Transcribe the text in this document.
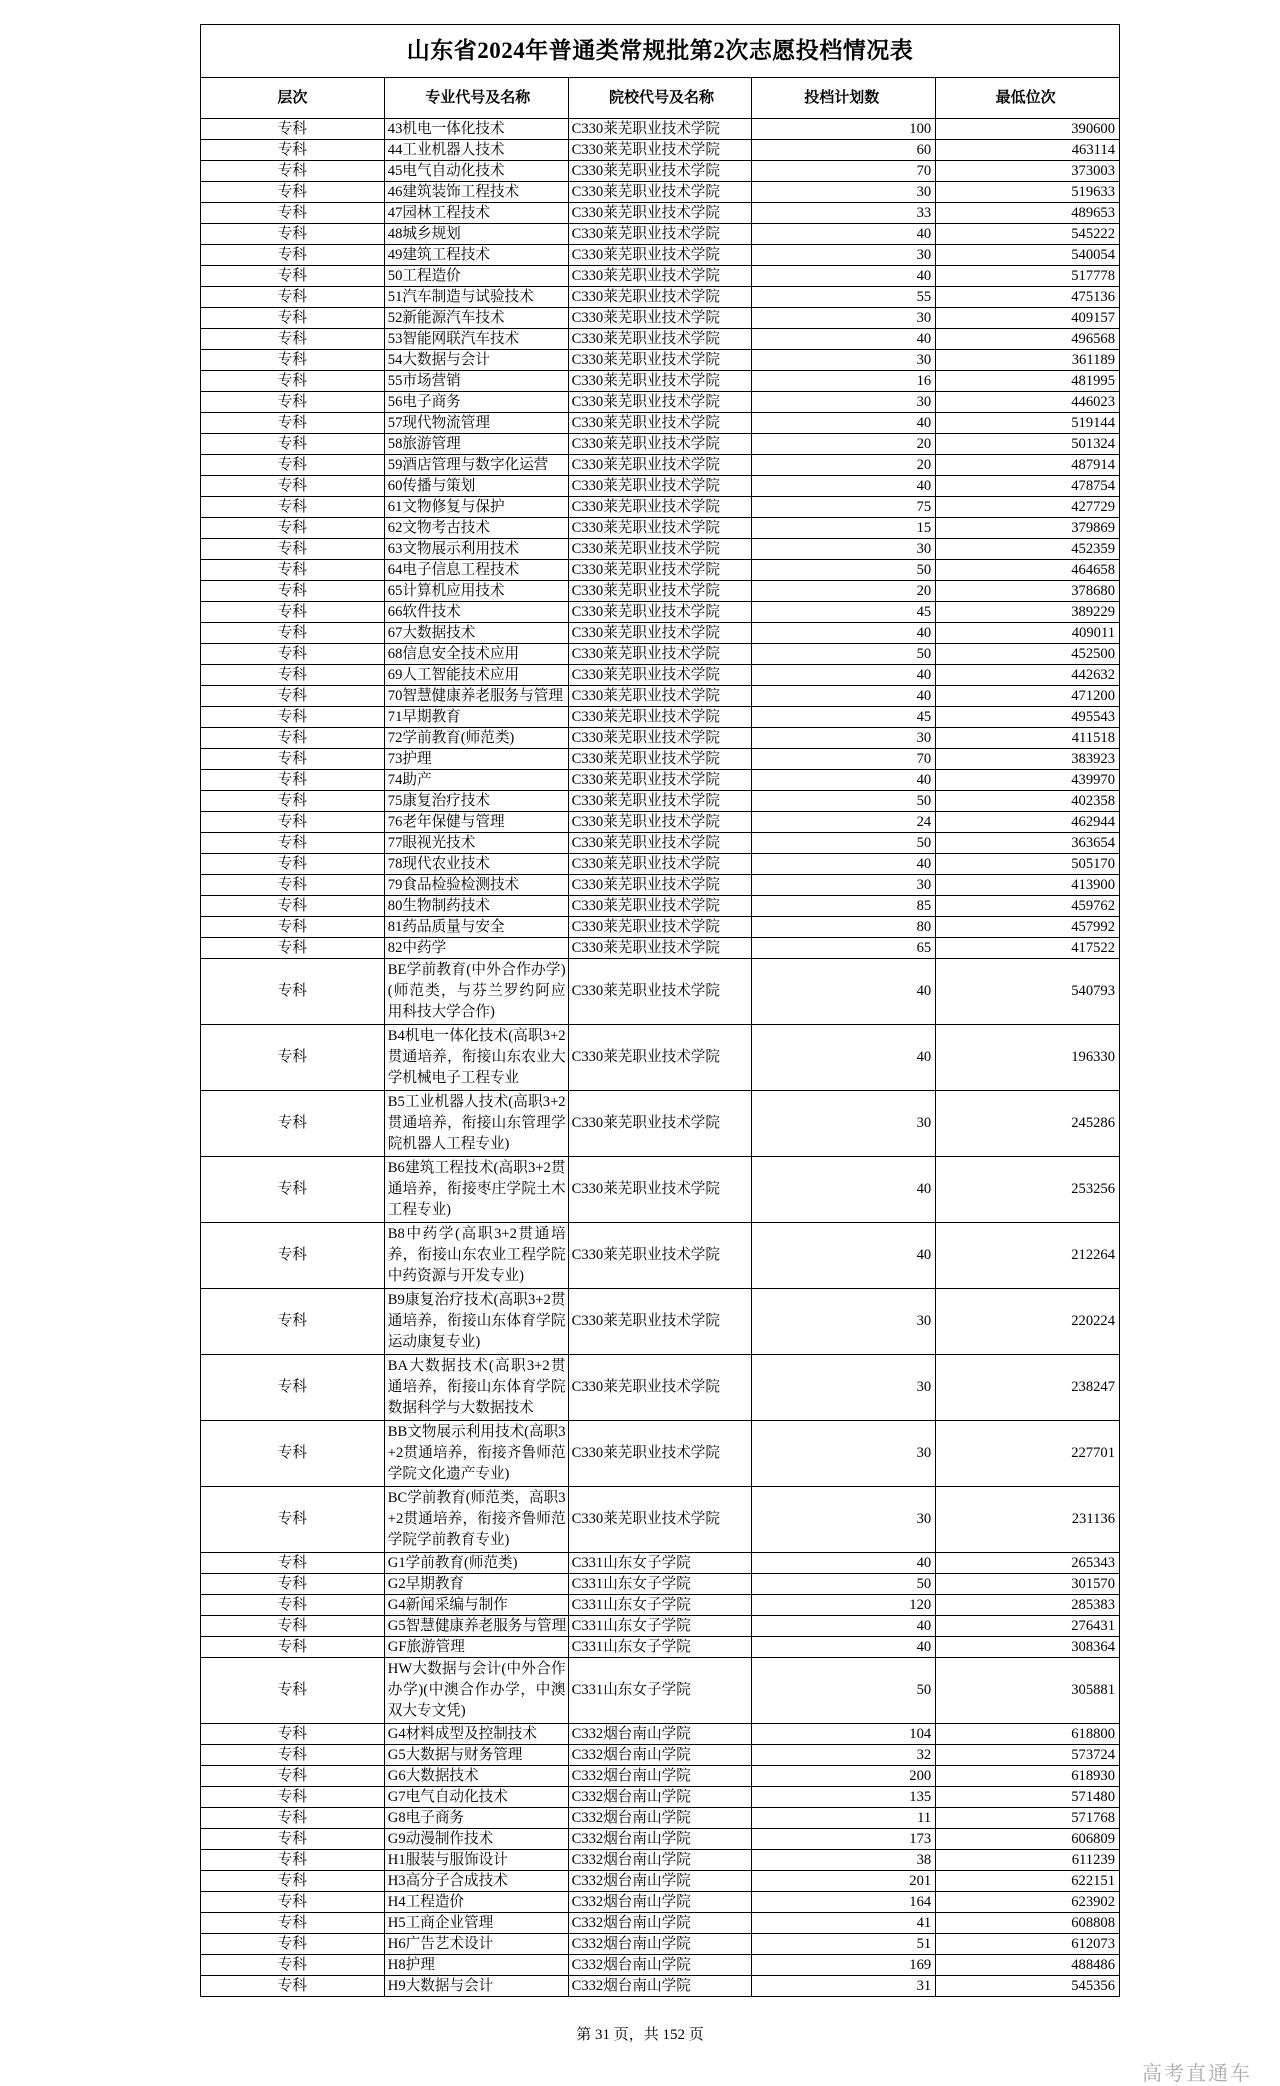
山东省2024年普通类常规批第2次志愿投档情况表				
层次	专业代号及名称	院校代号及名称	投档计划数	最低位次
专科	43机电一体化技术	C330莱芜职业技术学院	100	390600
专科	44工业机器人技术	C330莱芜职业技术学院	60	463114
专科	45电气自动化技术	C330莱芜职业技术学院	70	373003
专科	46建筑装饰工程技术	C330莱芜职业技术学院	30	519633
专科	47园林工程技术	C330莱芜职业技术学院	33	489653
专科	48城乡规划	C330莱芜职业技术学院	40	545222
专科	49建筑工程技术	C330莱芜职业技术学院	30	540054
专科	50工程造价	C330莱芜职业技术学院	40	517778
专科	51汽车制造与试验技术	C330莱芜职业技术学院	55	475136
专科	52新能源汽车技术	C330莱芜职业技术学院	30	409157
专科	53智能网联汽车技术	C330莱芜职业技术学院	40	496568
专科	54大数据与会计	C330莱芜职业技术学院	30	361189
专科	55市场营销	C330莱芜职业技术学院	16	481995
专科	56电子商务	C330莱芜职业技术学院	30	446023
专科	57现代物流管理	C330莱芜职业技术学院	40	519144
专科	58旅游管理	C330莱芜职业技术学院	20	501324
专科	59酒店管理与数字化运营	C330莱芜职业技术学院	20	487914
专科	60传播与策划	C330莱芜职业技术学院	40	478754
专科	61文物修复与保护	C330莱芜职业技术学院	75	427729
专科	62文物考古技术	C330莱芜职业技术学院	15	379869
专科	63文物展示利用技术	C330莱芜职业技术学院	30	452359
专科	64电子信息工程技术	C330莱芜职业技术学院	50	464658
专科	65计算机应用技术	C330莱芜职业技术学院	20	378680
专科	66软件技术	C330莱芜职业技术学院	45	389229
专科	67大数据技术	C330莱芜职业技术学院	40	409011
专科	68信息安全技术应用	C330莱芜职业技术学院	50	452500
专科	69人工智能技术应用	C330莱芜职业技术学院	40	442632
专科	70智慧健康养老服务与管理	C330莱芜职业技术学院	40	471200
专科	71早期教育	C330莱芜职业技术学院	45	495543
专科	72学前教育(师范类)	C330莱芜职业技术学院	30	411518
专科	73护理	C330莱芜职业技术学院	70	383923
专科	74助产	C330莱芜职业技术学院	40	439970
专科	75康复治疗技术	C330莱芜职业技术学院	50	402358
专科	76老年保健与管理	C330莱芜职业技术学院	24	462944
专科	77眼视光技术	C330莱芜职业技术学院	50	363654
专科	78现代农业技术	C330莱芜职业技术学院	40	505170
专科	79食品检验检测技术	C330莱芜职业技术学院	30	413900
专科	80生物制药技术	C330莱芜职业技术学院	85	459762
专科	81药品质量与安全	C330莱芜职业技术学院	80	457992
专科	82中药学	C330莱芜职业技术学院	65	417522
专科	BE学前教育(中外合作办学)(师范类，与芬兰罗约阿应用科技大学合作)	C330莱芜职业技术学院	40	540793
专科	B4机电一体化技术(高职3+2贯通培养，衔接山东农业大学机械电子工程专业	C330莱芜职业技术学院	40	196330
专科	B5工业机器人技术(高职3+2贯通培养，衔接山东管理学院机器人工程专业)	C330莱芜职业技术学院	30	245286
专科	B6建筑工程技术(高职3+2贯通培养，衔接枣庄学院土木工程专业)	C330莱芜职业技术学院	40	253256
专科	B8中药学(高职3+2贯通培养，衔接山东农业工程学院中药资源与开发专业)	C330莱芜职业技术学院	40	212264
专科	B9康复治疗技术(高职3+2贯通培养，衔接山东体育学院运动康复专业)	C330莱芜职业技术学院	30	220224
专科	BA大数据技术(高职3+2贯通培养，衔接山东体育学院数据科学与大数据技术	C330莱芜职业技术学院	30	238247
专科	BB文物展示利用技术(高职3+2贯通培养，衔接齐鲁师范学院文化遗产专业)	C330莱芜职业技术学院	30	227701
专科	BC学前教育(师范类，高职3+2贯通培养，衔接齐鲁师范学院学前教育专业)	C330莱芜职业技术学院	30	231136
专科	G1学前教育(师范类)	C331山东女子学院	40	265343
专科	G2早期教育	C331山东女子学院	50	301570
专科	G4新闻采编与制作	C331山东女子学院	120	285383
专科	G5智慧健康养老服务与管理	C331山东女子学院	40	276431
专科	GF旅游管理	C331山东女子学院	40	308364
专科	HW大数据与会计(中外合作办学)(中澳合作办学，中澳双大专文凭)	C331山东女子学院	50	305881
专科	G4材料成型及控制技术	C332烟台南山学院	104	618800
专科	G5大数据与财务管理	C332烟台南山学院	32	573724
专科	G6大数据技术	C332烟台南山学院	200	618930
专科	G7电气自动化技术	C332烟台南山学院	135	571480
专科	G8电子商务	C332烟台南山学院	11	571768
专科	G9动漫制作技术	C332烟台南山学院	173	606809
专科	H1服装与服饰设计	C332烟台南山学院	38	611239
专科	H3高分子合成技术	C332烟台南山学院	201	622151
专科	H4工程造价	C332烟台南山学院	164	623902
专科	H5工商企业管理	C332烟台南山学院	41	608808
专科	H6广告艺术设计	C332烟台南山学院	51	612073
专科	H8护理	C332烟台南山学院	169	488486
专科	H9大数据与会计	C332烟台南山学院	31	545356
第 31 页，共 152 页
高考直通车
